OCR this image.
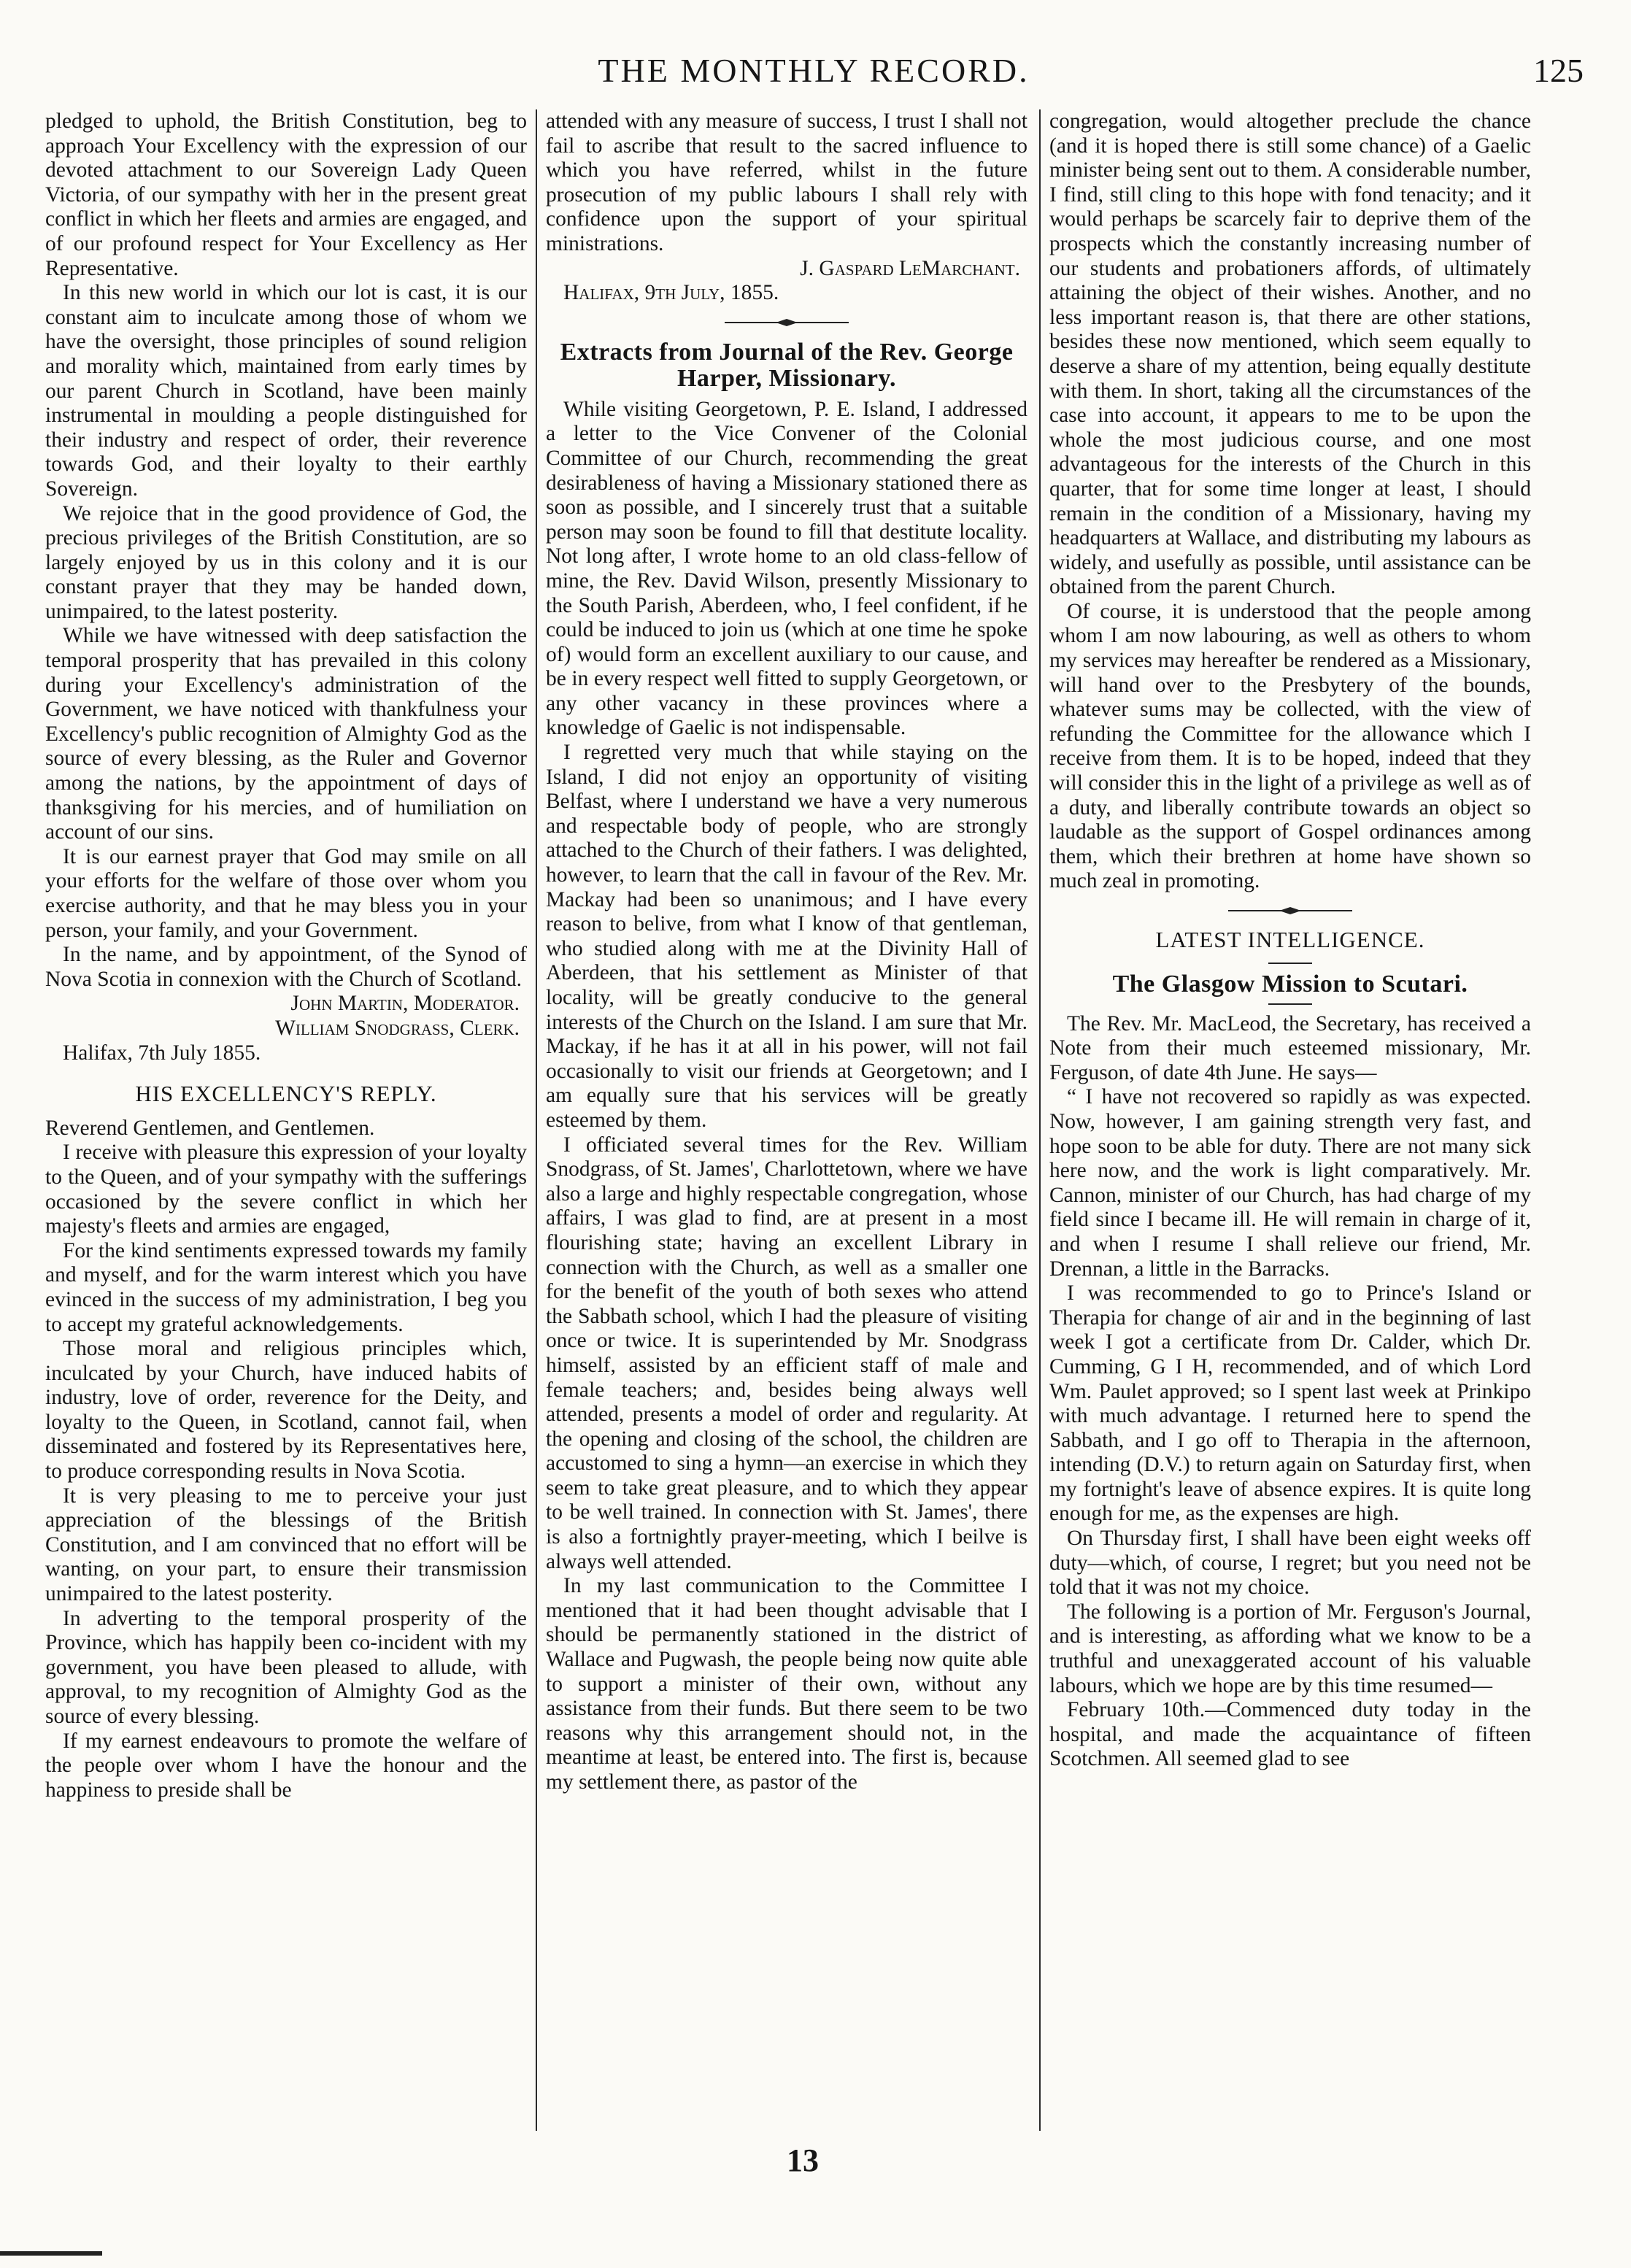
THE MONTHLY RECORD.	125

pledged to uphold, the British Constitution, beg to approach Your Excellency with the expression of our devoted attachment to our Sovereign Lady Queen Victoria, of our sympathy with her in the present great conflict in which her fleets and armies are engaged, and of our profound respect for Your Excellency as Her Representative.

In this new world in which our lot is cast, it is our constant aim to inculcate among those of whom we have the oversight, those principles of sound religion and morality which, maintained from early times by our parent Church in Scotland, have been mainly instrumental in moulding a people distinguished for their industry and respect of order, their reverence towards God, and their loyalty to their earthly Sovereign.

We rejoice that in the good providence of God, the precious privileges of the British Constitution, are so largely enjoyed by us in this colony and it is our constant prayer that they may be handed down, unimpaired, to the latest posterity.

While we have witnessed with deep satisfaction the temporal prosperity that has prevailed in this colony during your Excellency's administration of the Government, we have noticed with thankfulness your Excellency's public recognition of Almighty God as the source of every blessing, as the Ruler and Governor among the nations, by the appointment of days of thanksgiving for his mercies, and of humiliation on account of our sins.

It is our earnest prayer that God may smile on all your efforts for the welfare of those over whom you exercise authority, and that he may bless you in your person, your family, and your Government.

In the name, and by appointment, of the Synod of Nova Scotia in connexion with the Church of Scotland.

John Martin, Moderator.

William Snodgrass, Clerk.

Halifax, 7th July 1855.

HIS EXCELLENCY'S REPLY.

Reverend Gentlemen, and Gentlemen.

I receive with pleasure this expression of your loyalty to the Queen, and of your sympathy with the sufferings occasioned by the severe conflict in which her majesty's fleets and armies are engaged,

For the kind sentiments expressed towards my family and myself, and for the warm interest which you have evinced in the success of my administration, I beg you to accept my grateful acknowledgements.

Those moral and religious principles which, inculcated by your Church, have induced habits of industry, love of order, reverence for the Deity, and loyalty to the Queen, in Scotland, cannot fail, when disseminated and fostered by its Representatives here, to produce corresponding results in Nova Scotia.

It is very pleasing to me to perceive your just appreciation of the blessings of the British Constitution, and I am convinced that no effort will be wanting, on your part, to ensure their transmission unimpaired to the latest posterity.

In adverting to the temporal prosperity of the Province, which has happily been co-incident with my government, you have been pleased to allude, with approval, to my recognition of Almighty God as the source of every blessing.

If my earnest endeavours to promote the welfare of the people over whom I have the honour and the happiness to preside shall be

attended with any measure of success, I trust I shall not fail to ascribe that result to the sacred influence to which you have referred, whilst in the future prosecution of my public labours I shall rely with confidence upon the support of your spiritual ministrations.

J. Gaspard LeMarchant.

Halifax, 9th July, 1855.

Extracts from Journal of the Rev. George Harper, Missionary.

While visiting Georgetown, P. E. Island, I addressed a letter to the Vice Convener of the Colonial Committee of our Church, recommending the great desirableness of having a Missionary stationed there as soon as possible, and I sincerely trust that a suitable person may soon be found to fill that destitute locality. Not long after, I wrote home to an old class-fellow of mine, the Rev. David Wilson, presently Missionary to the South Parish, Aberdeen, who, I feel confident, if he could be induced to join us (which at one time he spoke of) would form an excellent auxiliary to our cause, and be in every respect well fitted to supply Georgetown, or any other vacancy in these provinces where a knowledge of Gaelic is not indispensable.

I regretted very much that while staying on the Island, I did not enjoy an opportunity of visiting Belfast, where I understand we have a very numerous and respectable body of people, who are strongly attached to the Church of their fathers. I was delighted, however, to learn that the call in favour of the Rev. Mr. Mackay had been so unanimous; and I have every reason to belive, from what I know of that gentleman, who studied along with me at the Divinity Hall of Aberdeen, that his settlement as Minister of that locality, will be greatly conducive to the general interests of the Church on the Island. I am sure that Mr. Mackay, if he has it at all in his power, will not fail occasionally to visit our friends at Georgetown; and I am equally sure that his services will be greatly esteemed by them.

I officiated several times for the Rev. William Snodgrass, of St. James', Charlottetown, where we have also a large and highly respectable congregation, whose affairs, I was glad to find, are at present in a most flourishing state; having an excellent Library in connection with the Church, as well as a smaller one for the benefit of the youth of both sexes who attend the Sabbath school, which I had the pleasure of visiting once or twice. It is superintended by Mr. Snodgrass himself, assisted by an efficient staff of male and female teachers; and, besides being always well attended, presents a model of order and regularity. At the opening and closing of the school, the children are accustomed to sing a hymn—an exercise in which they seem to take great pleasure, and to which they appear to be well trained. In connection with St. James', there is also a fortnightly prayer-meeting, which I beilve is always well attended.

In my last communication to the Committee I mentioned that it had been thought advisable that I should be permanently stationed in the district of Wallace and Pugwash, the people being now quite able to support a minister of their own, without any assistance from their funds. But there seem to be two reasons why this arrangement should not, in the meantime at least, be entered into. The first is, because my settlement there, as pastor of the

congregation, would altogether preclude the chance (and it is hoped there is still some chance) of a Gaelic minister being sent out to them. A considerable number, I find, still cling to this hope with fond tenacity; and it would perhaps be scarcely fair to deprive them of the prospects which the constantly increasing number of our students and probationers affords, of ultimately attaining the object of their wishes. Another, and no less important reason is, that there are other stations, besides these now mentioned, which seem equally to deserve a share of my attention, being equally destitute with them. In short, taking all the circumstances of the case into account, it appears to me to be upon the whole the most judicious course, and one most advantageous for the interests of the Church in this quarter, that for some time longer at least, I should remain in the condition of a Missionary, having my headquarters at Wallace, and distributing my labours as widely, and usefully as possible, until assistance can be obtained from the parent Church.

Of course, it is understood that the people among whom I am now labouring, as well as others to whom my services may hereafter be rendered as a Missionary, will hand over to the Presbytery of the bounds, whatever sums may be collected, with the view of refunding the Committee for the allowance which I receive from them. It is to be hoped, indeed that they will consider this in the light of a privilege as well as of a duty, and liberally contribute towards an object so laudable as the support of Gospel ordinances among them, which their brethren at home have shown so much zeal in promoting.

LATEST INTELLIGENCE.
The Glasgow Mission to Scutari.

The Rev. Mr. MacLeod, the Secretary, has received a Note from their much esteemed missionary, Mr. Ferguson, of date 4th June. He says—

“ I have not recovered so rapidly as was expected. Now, however, I am gaining strength very fast, and hope soon to be able for duty. There are not many sick here now, and the work is light comparatively. Mr. Cannon, minister of our Church, has had charge of my field since I became ill. He will remain in charge of it, and when I resume I shall relieve our friend, Mr. Drennan, a little in the Barracks.

I was recommended to go to Prince's Island or Therapia for change of air and in the beginning of last week I got a certificate from Dr. Calder, which Dr. Cumming, G I H, recommended, and of which Lord Wm. Paulet approved; so I spent last week at Prinkipo with much advantage. I returned here to spend the Sabbath, and I go off to Therapia in the afternoon, intending (D.V.) to return again on Saturday first, when my fortnight's leave of absence expires. It is quite long enough for me, as the expenses are high.

On Thursday first, I shall have been eight weeks off duty—which, of course, I regret; but you need not be told that it was not my choice.

The following is a portion of Mr. Ferguson's Journal, and is interesting, as affording what we know to be a truthful and unexaggerated account of his valuable labours, which we hope are by this time resumed—

February 10th.—Commenced duty today in the hospital, and made the acquaintance of fifteen Scotchmen. All seemed glad to see

13
